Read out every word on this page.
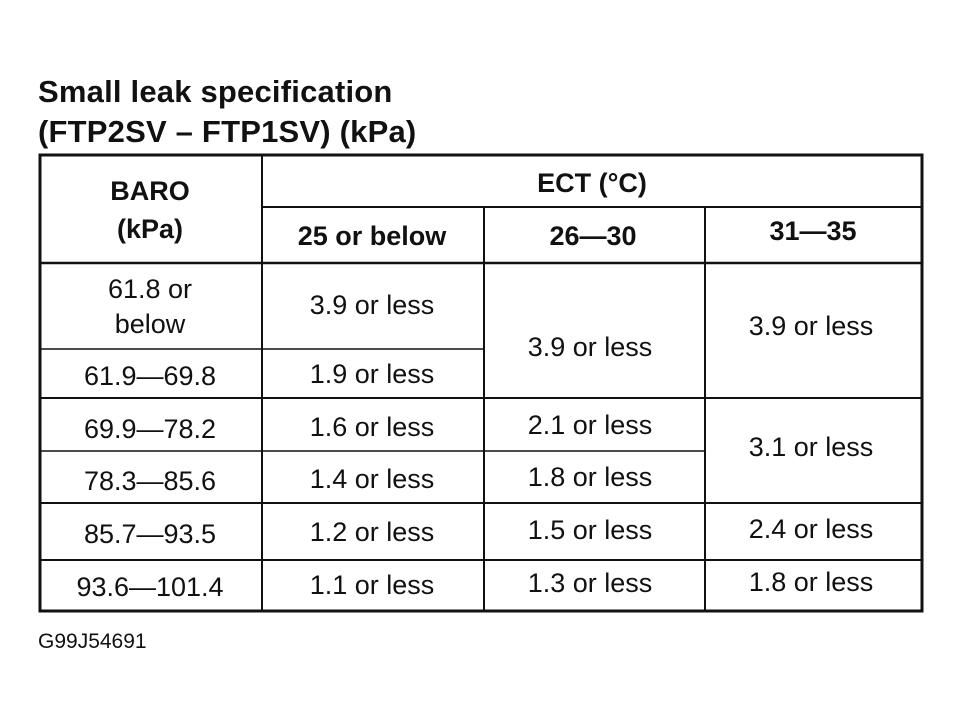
Small leak specification
(FTP2SV – FTP1SV) (kPa)
BARO
(kPa)
ECT (°C)
25 or below	26—30	31—35
61.8 or
below
61.9—69.8
69.9—78.2
78.3—85.6
85.7—93.5
93.6—101.4
3.9 or less
1.9 or less
1.6 or less
1.4 or less
1.2 or less
1.1 or less
3.9 or less
2.1 or less
1.8 or less
1.5 or less
1.3 or less
3.9 or less
3.1 or less
2.4 or less
1.8 or less
G99J54691
